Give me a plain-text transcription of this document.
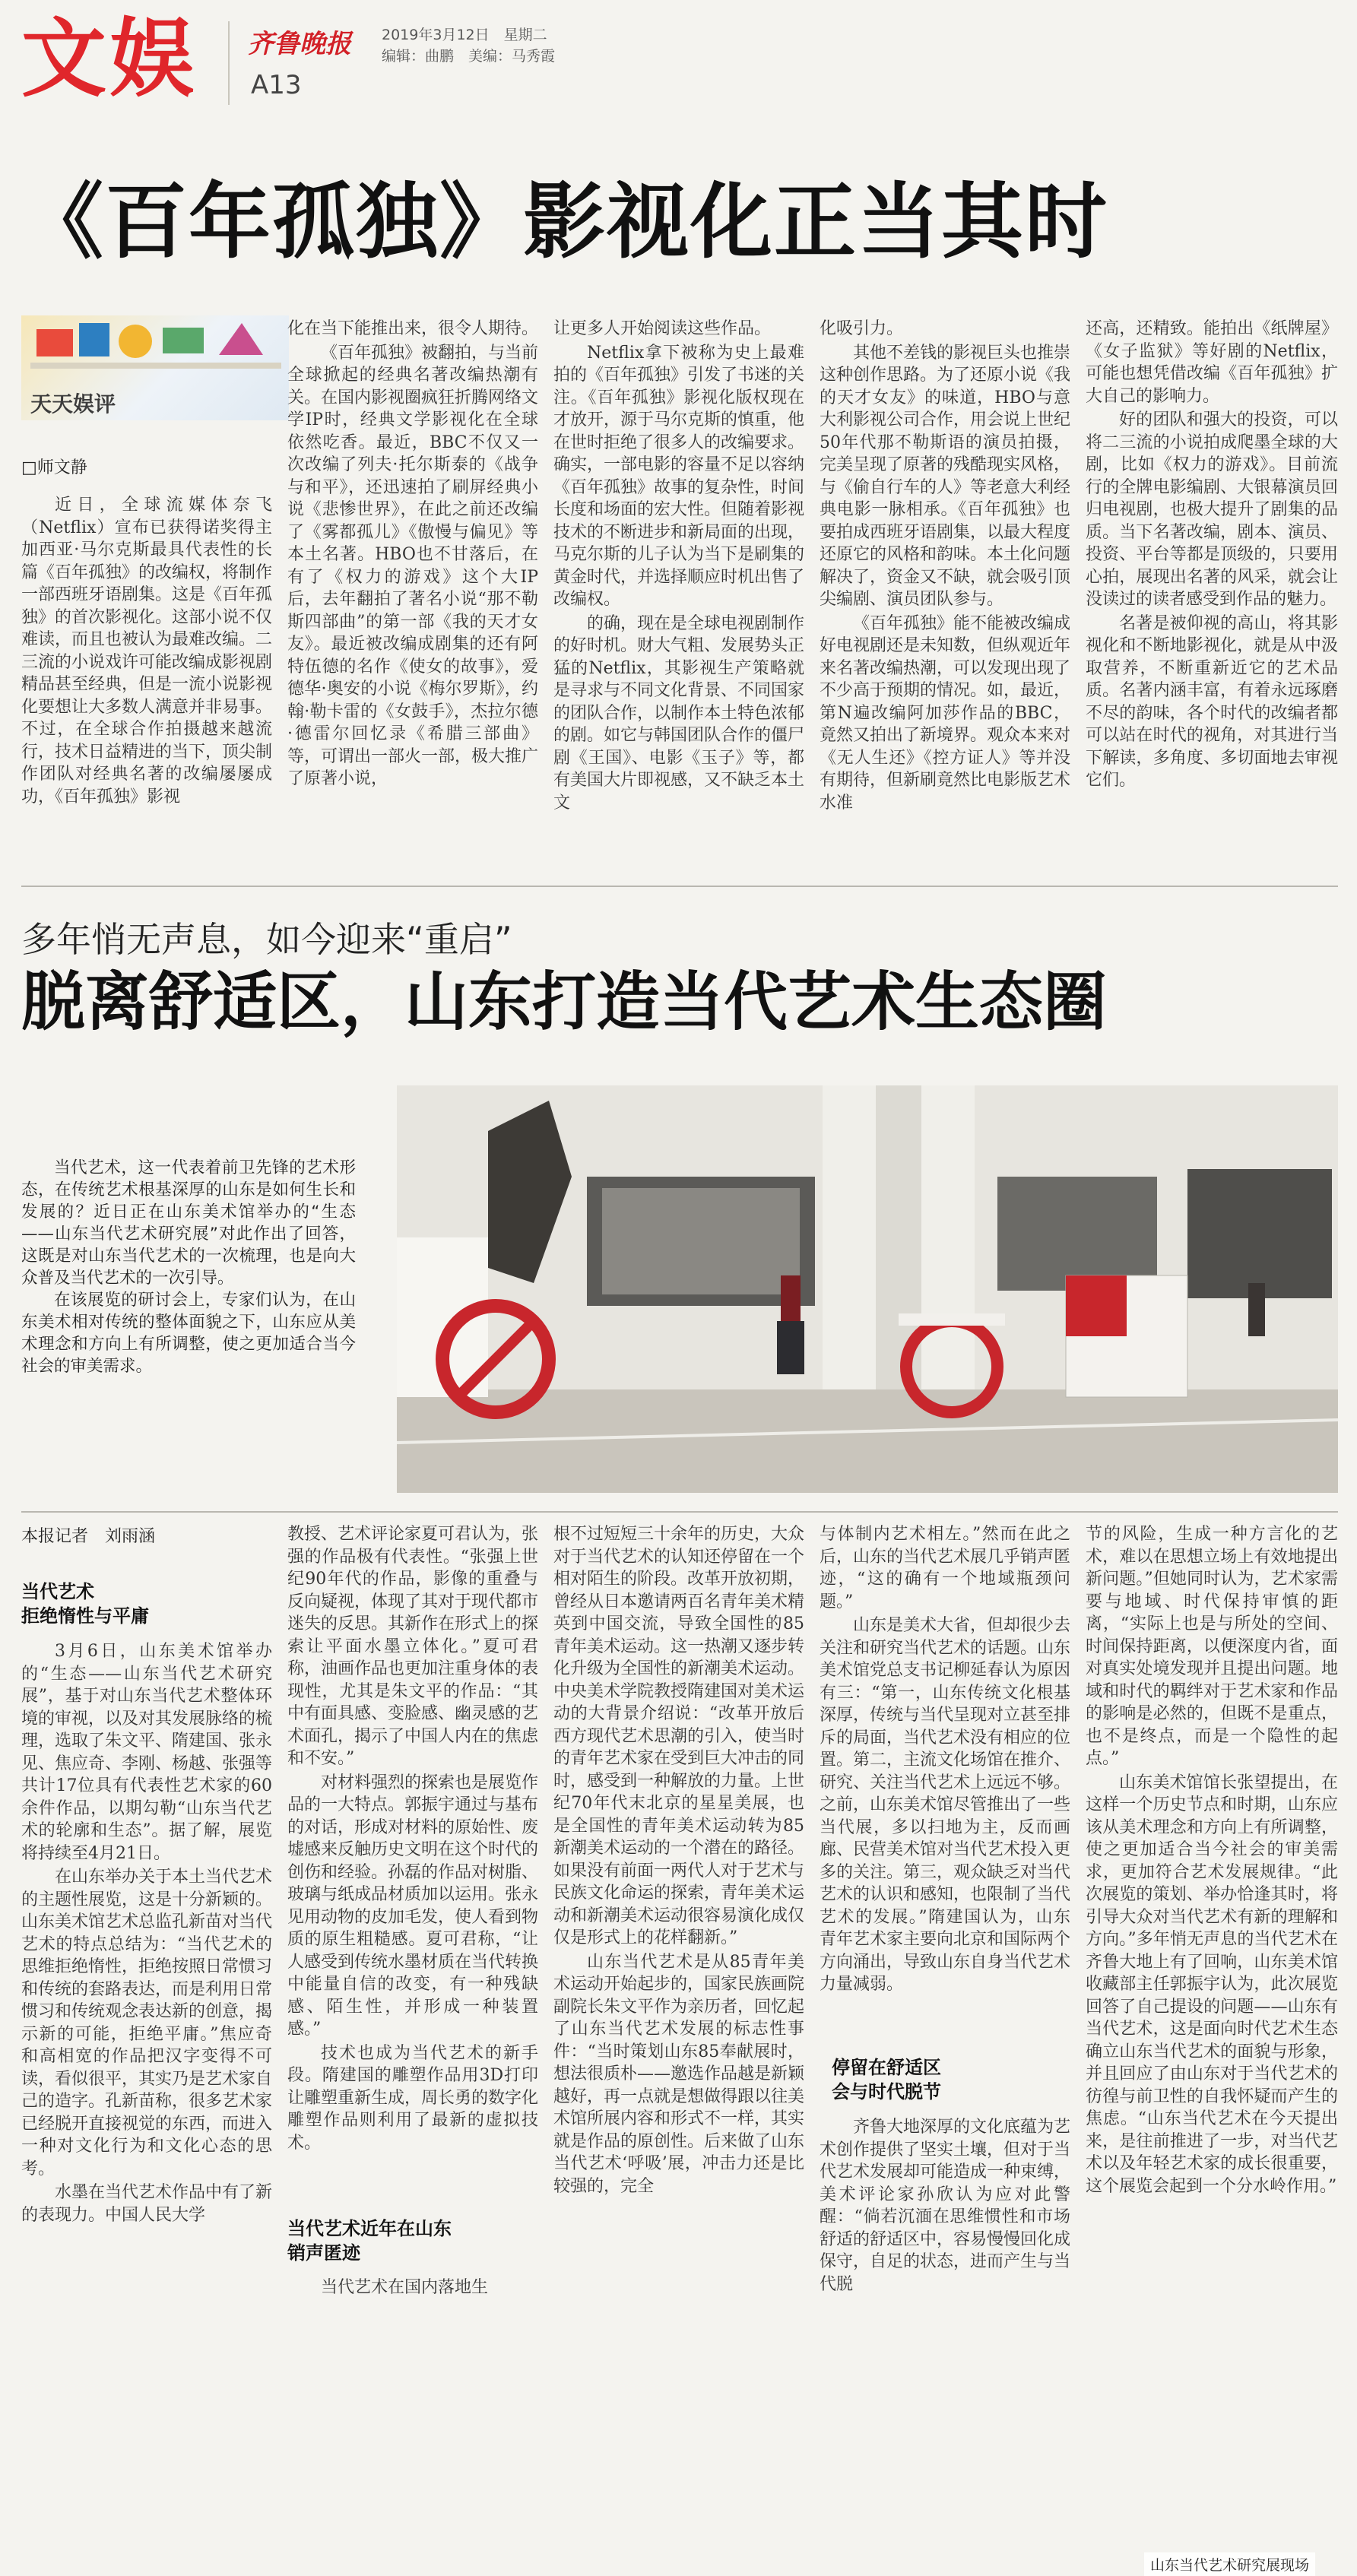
文娱 齐鲁晚报
A13
2019年3月12日　星期二
编辑：曲鹏　美编：马秀霞
《百年孤独》影视化正当其时
天天娱评
□师文静

近日，全球流媒体奈飞（Netflix）宣布已获得诺奖得主加西亚·马尔克斯最具代表性的长篇《百年孤独》的改编权，将制作一部西班牙语剧集。这是《百年孤独》的首次影视化。这部小说不仅难读，而且也被认为最难改编。二三流的小说戏许可能改编成影视剧精品甚至经典，但是一流小说影视化要想让大多数人满意并非易事。不过，在全球合作拍摄越来越流行，技术日益精进的当下，顶尖制作团队对经典名著的改编屡屡成功，《百年孤独》影视

化在当下能推出来，很令人期待。

《百年孤独》被翻拍，与当前全球掀起的经典名著改编热潮有关。在国内影视圈疯狂折腾网络文学IP时，经典文学影视化在全球依然吃香。最近，BBC不仅又一次改编了列夫·托尔斯泰的《战争与和平》，还迅速拍了刷屏经典小说《悲惨世界》，在此之前还改编了《雾都孤儿》《傲慢与偏见》等本土名著。HBO也不甘落后，在有了《权力的游戏》这个大IP后，去年翻拍了著名小说“那不勒斯四部曲”的第一部《我的天才女友》。最近被改编成剧集的还有阿特伍德的名作《使女的故事》，爱德华·奥安的小说《梅尔罗斯》，约翰·勒卡雷的《女鼓手》，杰拉尔德·德雷尔回忆录《希腊三部曲》等，可谓出一部火一部，极大推广了原著小说，

让更多人开始阅读这些作品。

Netflix拿下被称为史上最难拍的《百年孤独》引发了书迷的关注。《百年孤独》影视化版权现在才放开，源于马尔克斯的慎重，他在世时拒绝了很多人的改编要求。确实，一部电影的容量不足以容纳《百年孤独》故事的复杂性，时间长度和场面的宏大性。但随着影视技术的不断进步和新局面的出现，马克尔斯的儿子认为当下是刷集的黄金时代，并选择顺应时机出售了改编权。

的确，现在是全球电视剧制作的好时机。财大气粗、发展势头正猛的Netflix，其影视生产策略就是寻求与不同文化背景、不同国家的团队合作，以制作本土特色浓郁的剧。如它与韩国团队合作的僵尸剧《王国》、电影《玉子》等，都有美国大片即视感，又不缺乏本土文

化吸引力。

其他不差钱的影视巨头也推崇这种创作思路。为了还原小说《我的天才女友》的味道，HBO与意大利影视公司合作，用会说上世纪50年代那不勒斯语的演员拍摄，完美呈现了原著的残酷现实风格，与《偷自行车的人》等老意大利经典电影一脉相承。《百年孤独》也要拍成西班牙语剧集，以最大程度还原它的风格和韵味。本土化问题解决了，资金又不缺，就会吸引顶尖编剧、演员团队参与。

《百年孤独》能不能被改编成好电视剧还是未知数，但纵观近年来名著改编热潮，可以发现出现了不少高于预期的情况。如，最近，第N遍改编阿加莎作品的BBC，竟然又拍出了新境界。观众本来对《无人生还》《控方证人》等并没有期待，但新刷竟然比电影版艺术水准

还高，还精致。能拍出《纸牌屋》《女子监狱》等好剧的Netflix，可能也想凭借改编《百年孤独》扩大自己的影响力。

好的团队和强大的投资，可以将二三流的小说拍成爬墨全球的大剧，比如《权力的游戏》。目前流行的全牌电影编剧、大银幕演员回归电视剧，也极大提升了剧集的品质。当下名著改编，剧本、演员、投资、平台等都是顶级的，只要用心拍，展现出名著的风采，就会让没读过的读者感受到作品的魅力。

名著是被仰视的高山，将其影视化和不断地影视化，就是从中汲取营养，不断重新近它的艺术品质。名著内涵丰富，有着永远琢磨不尽的韵味，各个时代的改编者都可以站在时代的视角，对其进行当下解读，多角度、多切面地去审视它们。

多年悄无声息，如今迎来“重启”
脱离舒适区，山东打造当代艺术生态圈

当代艺术，这一代表着前卫先锋的艺术形态，在传统艺术根基深厚的山东是如何生长和发展的？近日正在山东美术馆举办的“生态——山东当代艺术研究展”对此作出了回答，这既是对山东当代艺术的一次梳理，也是向大众普及当代艺术的一次引导。

在该展览的研讨会上，专家们认为，在山东美术相对传统的整体面貌之下，山东应从美术理念和方向上有所调整，使之更加适合当今社会的审美需求。

山东当代艺术研究展现场
本报记者　刘雨涵
当代艺术
拒绝惰性与平庸

3月6日，山东美术馆举办的“生态——山东当代艺术研究展”，基于对山东当代艺术整体环境的审视，以及对其发展脉络的梳理，选取了朱文平、隋建国、张永见、焦应奇、李刚、杨越、张强等共计17位具有代表性艺术家的60余件作品，以期勾勒“山东当代艺术的轮廓和生态”。据了解，展览将持续至4月21日。

在山东举办关于本土当代艺术的主题性展览，这是十分新颖的。山东美术馆艺术总监孔新苗对当代艺术的特点总结为：“当代艺术的思维拒绝惰性，拒绝按照日常惯习和传统的套路表达，而是利用日常惯习和传统观念表达新的创意，揭示新的可能，拒绝平庸。”焦应奇和高相宽的作品把汉字变得不可读，看似很平，其实乃是艺术家自己的造字。孔新苗称，很多艺术家已经脱开直接视觉的东西，而进入一种对文化行为和文化心态的思考。

水墨在当代艺术作品中有了新的表现力。中国人民大学

教授、艺术评论家夏可君认为，张强的作品极有代表性。“张强上世纪90年代的作品，影像的重叠与反向疑视，体现了其对于现代都市迷失的反思。其新作在形式上的探索让平面水墨立体化。”夏可君称，油画作品也更加注重身体的表现性，尤其是朱文平的作品：“其中有面具感、变脸感、幽灵感的艺术面孔，揭示了中国人内在的焦虑和不安。”

对材料强烈的探索也是展览作品的一大特点。郭振宇通过与基布的对话，形成对材料的原始性、废墟感来反触历史文明在这个时代的创伤和经验。孙磊的作品对树脂、玻璃与纸成品材质加以运用。张永见用动物的皮加毛发，使人看到物质的原生粗糙感。夏可君称，“让人感受到传统水墨材质在当代转换中能量自信的改变，有一种残缺感、陌生性，并形成一种装置感。”

技术也成为当代艺术的新手段。隋建国的雕塑作品用3D打印让雕塑重新生成，周长勇的数字化雕塑作品则利用了最新的虚拟技术。

当代艺术近年在山东
销声匿迹

当代艺术在国内落地生

根不过短短三十余年的历史，大众对于当代艺术的认知还停留在一个相对陌生的阶段。改革开放初期，曾经从日本邀请两百名青年美术精英到中国交流，导致全国性的85青年美术运动。这一热潮又逐步转化升级为全国性的新潮美术运动。中央美术学院教授隋建国对美术运动的大背景介绍说：“改革开放后西方现代艺术思潮的引入，使当时的青年艺术家在受到巨大冲击的同时，感受到一种解放的力量。上世纪70年代末北京的星星美展，也是全国性的青年美术运动转为85新潮美术运动的一个潜在的路径。如果没有前面一两代人对于艺术与民族文化命运的探索，青年美术运动和新潮美术运动很容易演化成仅仅是形式上的花样翻新。”

山东当代艺术是从85青年美术运动开始起步的，国家民族画院副院长朱文平作为亲历者，回忆起了山东当代艺术发展的标志性事件：“当时策划山东85奉献展时，想法很质朴——邀选作品越是新颖越好，再一点就是想做得跟以往美术馆所展内容和形式不一样，其实就是作品的原创性。后来做了山东当代艺术‘呼吸’展，冲击力还是比较强的，完全

与体制内艺术相左。”然而在此之后，山东的当代艺术展几乎销声匿迹，“这的确有一个地域瓶颈问题。”

山东是美术大省，但却很少去关注和研究当代艺术的话题。山东美术馆党总支书记柳延春认为原因有三：“第一，山东传统文化根基深厚，传统与当代呈现对立甚至排斥的局面，当代艺术没有相应的位置。第二，主流文化场馆在推介、研究、关注当代艺术上远远不够。之前，山东美术馆尽管推出了一些当代展，多以扫地为主，反而画廊、民营美术馆对当代艺术投入更多的关注。第三，观众缺乏对当代艺术的认识和感知，也限制了当代艺术的发展。”隋建国认为，山东青年艺术家主要向北京和国际两个方向涌出，导致山东自身当代艺术力量减弱。

停留在舒适区
会与时代脱节

齐鲁大地深厚的文化底蕴为艺术创作提供了坚实土壤，但对于当代艺术发展却可能造成一种束缚，美术评论家孙欣认为应对此警醒：“倘若沉湎在思维惯性和市场舒适的舒适区中，容易慢慢回化成保守，自足的状态，进而产生与当代脱

节的风险，生成一种方言化的艺术，难以在思想立场上有效地提出新问题。”但她同时认为，艺术家需要与地域、时代保持审慎的距离，“实际上也是与所处的空间、时间保持距离，以便深度内省，面对真实处境发现并且提出问题。地域和时代的羁绊对于艺术家和作品的影响是必然的，但既不是重点，也不是终点，而是一个隐性的起点。”

山东美术馆馆长张望提出，在这样一个历史节点和时期，山东应该从美术理念和方向上有所调整，使之更加适合当今社会的审美需求，更加符合艺术发展规律。“此次展览的策划、举办恰逢其时，将引导大众对当代艺术有新的理解和方向。”多年悄无声息的当代艺术在齐鲁大地上有了回响，山东美术馆收藏部主任郭振宇认为，此次展览回答了自己提设的问题——山东有当代艺术，这是面向时代艺术生态确立山东当代艺术的面貌与形象，并且回应了由山东对于当代艺术的彷徨与前卫性的自我怀疑而产生的焦虑。“山东当代艺术在今天提出来，是往前推进了一步，对当代艺术以及年轻艺术家的成长很重要，这个展览会起到一个分水岭作用。”
